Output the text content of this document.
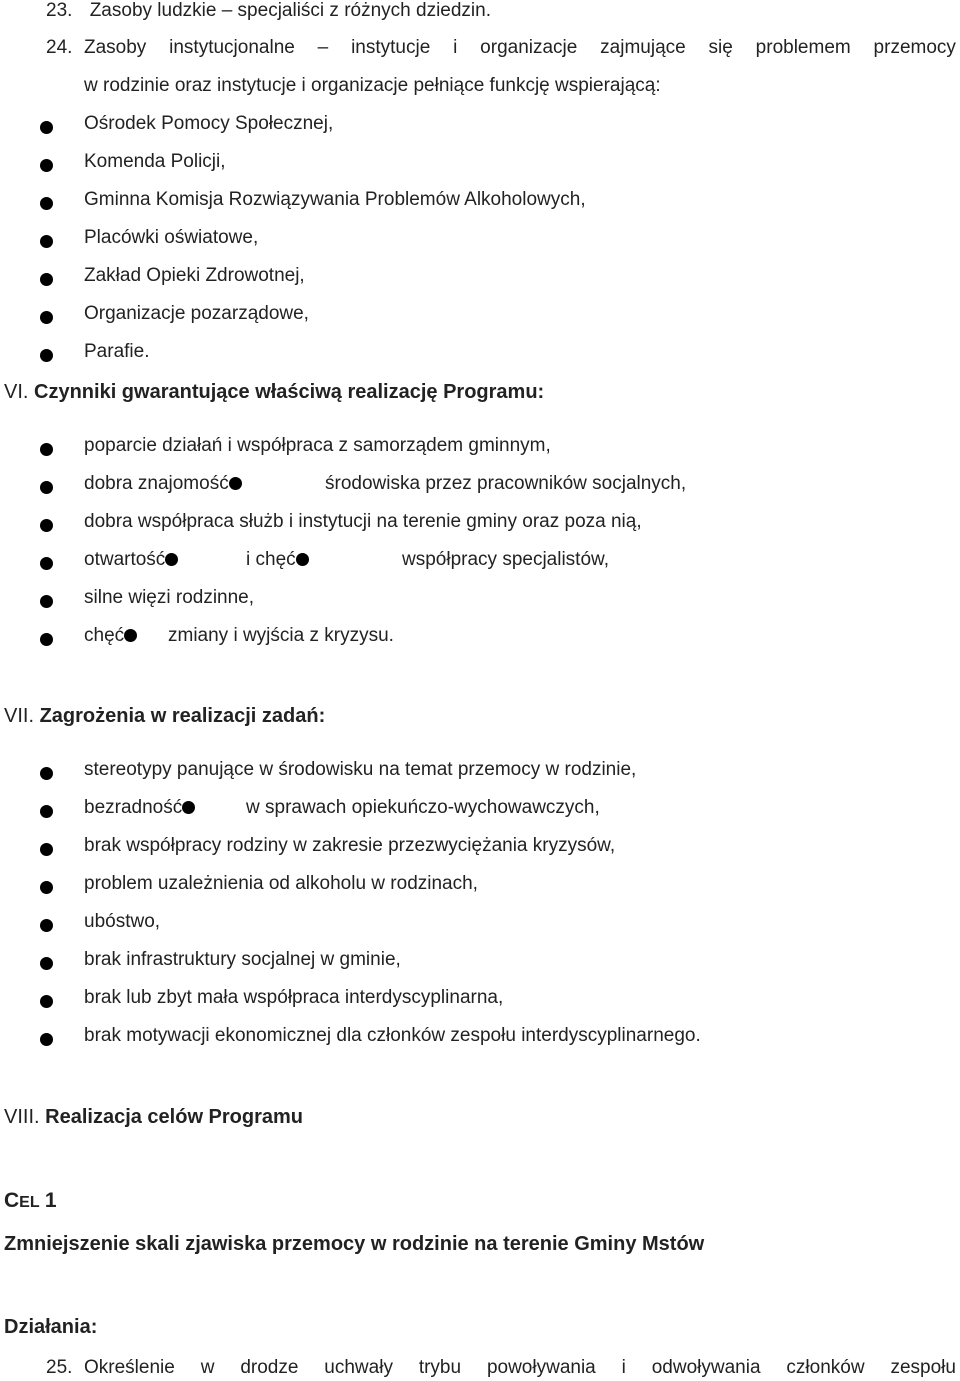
23. Zasoby ludzkie – specjaliści z różnych dziedzin.
24. Zasoby instytucjonalne – instytucje i organizacje zajmujące się problemem przemocy
w rodzinie oraz instytucje i organizacje pełniące funkcję wspierającą:
Ośrodek Pomocy Społecznej,
Komenda Policji,
Gminna Komisja Rozwiązywania Problemów Alkoholowych,
Placówki oświatowe,
Zakład Opieki Zdrowotnej,
Organizacje pozarządowe,
Parafie.
VI. Czynniki gwarantujące właściwą realizację Programu:
poparcie działań i współpraca z samorządem gminnym,
dobra znajomość	środowiska przez pracowników socjalnych,
dobra współpraca służb i instytucji na terenie gminy oraz poza nią,
otwartość	i chęć	współpracy specjalistów,
silne więzi rodzinne,
chęć	zmiany i wyjścia z kryzysu.
VII. Zagrożenia w realizacji zadań:
stereotypy panujące w środowisku na temat przemocy w rodzinie,
bezradność	w sprawach opiekuńczo-wychowawczych,
brak współpracy rodziny w zakresie przezwyciężania kryzysów,
problem uzależnienia od alkoholu w rodzinach,
ubóstwo,
brak infrastruktury socjalnej w gminie,
brak lub zbyt mała współpraca interdyscyplinarna,
brak motywacji ekonomicznej dla członków zespołu interdyscyplinarnego.
VIII. Realizacja celów Programu
CEL 1
Zmniejszenie skali zjawiska przemocy w rodzinie na terenie Gminy Mstów
Działania:
25. Określenie w drodze uchwały trybu powoływania i odwoływania członków zespołu
